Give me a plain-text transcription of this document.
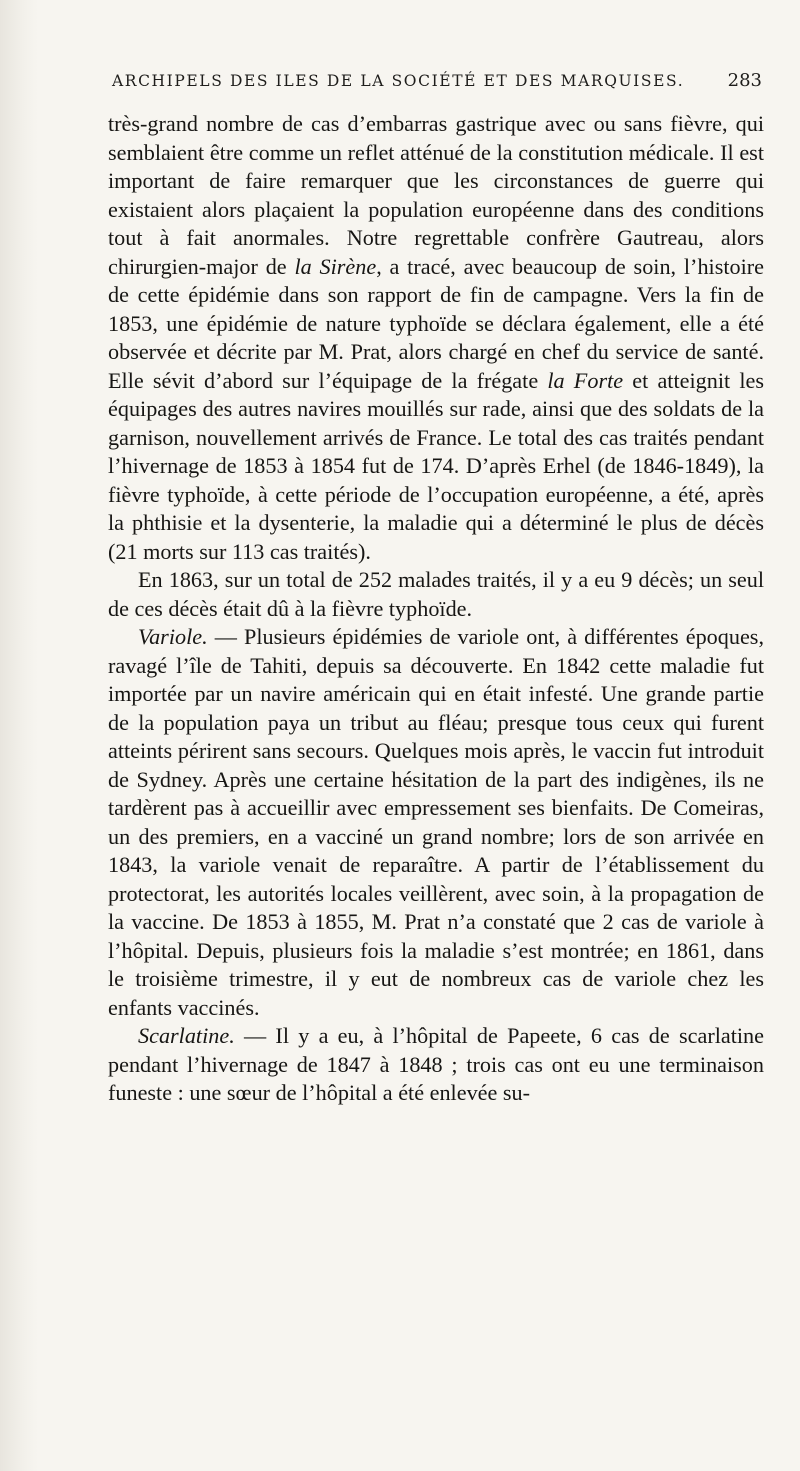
ARCHIPELS DES ILES DE LA SOCIÉTÉ ET DES MARQUISES. 283

très-grand nombre de cas d’embarras gastrique avec ou sans fièvre, qui semblaient être comme un reflet atténué de la constitution médicale. Il est important de faire remarquer que les circonstances de guerre qui existaient alors plaçaient la population européenne dans des conditions tout à fait anormales. Notre regrettable confrère Gautreau, alors chirurgien-major de la Sirène, a tracé, avec beaucoup de soin, l’histoire de cette épidémie dans son rapport de fin de campagne. Vers la fin de 1853, une épidémie de nature typhoïde se déclara également, elle a été observée et décrite par M. Prat, alors chargé en chef du service de santé. Elle sévit d’abord sur l’équipage de la frégate la Forte et atteignit les équipages des autres navires mouillés sur rade, ainsi que des soldats de la garnison, nouvellement arrivés de France. Le total des cas traités pendant l’hivernage de 1853 à 1854 fut de 174. D’après Erhel (de 1846-1849), la fièvre typhoïde, à cette période de l’occupation européenne, a été, après la phthisie et la dysenterie, la maladie qui a déterminé le plus de décès (21 morts sur 113 cas traités).

En 1863, sur un total de 252 malades traités, il y a eu 9 décès; un seul de ces décès était dû à la fièvre typhoïde.

Variole. — Plusieurs épidémies de variole ont, à différentes époques, ravagé l’île de Tahiti, depuis sa découverte. En 1842 cette maladie fut importée par un navire américain qui en était infesté. Une grande partie de la population paya un tribut au fléau; presque tous ceux qui furent atteints périrent sans secours. Quelques mois après, le vaccin fut introduit de Sydney. Après une certaine hésitation de la part des indigènes, ils ne tardèrent pas à accueillir avec empressement ses bienfaits. De Comeiras, un des premiers, en a vacciné un grand nombre; lors de son arrivée en 1843, la variole venait de reparaître. A partir de l’établissement du protectorat, les autorités locales veillèrent, avec soin, à la propagation de la vaccine. De 1853 à 1855, M. Prat n’a constaté que 2 cas de variole à l’hôpital. Depuis, plusieurs fois la maladie s’est montrée; en 1861, dans le troisième trimestre, il y eut de nombreux cas de variole chez les enfants vaccinés.

Scarlatine. — Il y a eu, à l’hôpital de Papeete, 6 cas de scarlatine pendant l’hivernage de 1847 à 1848 ; trois cas ont eu une terminaison funeste : une sœur de l’hôpital a été enlevée su-
